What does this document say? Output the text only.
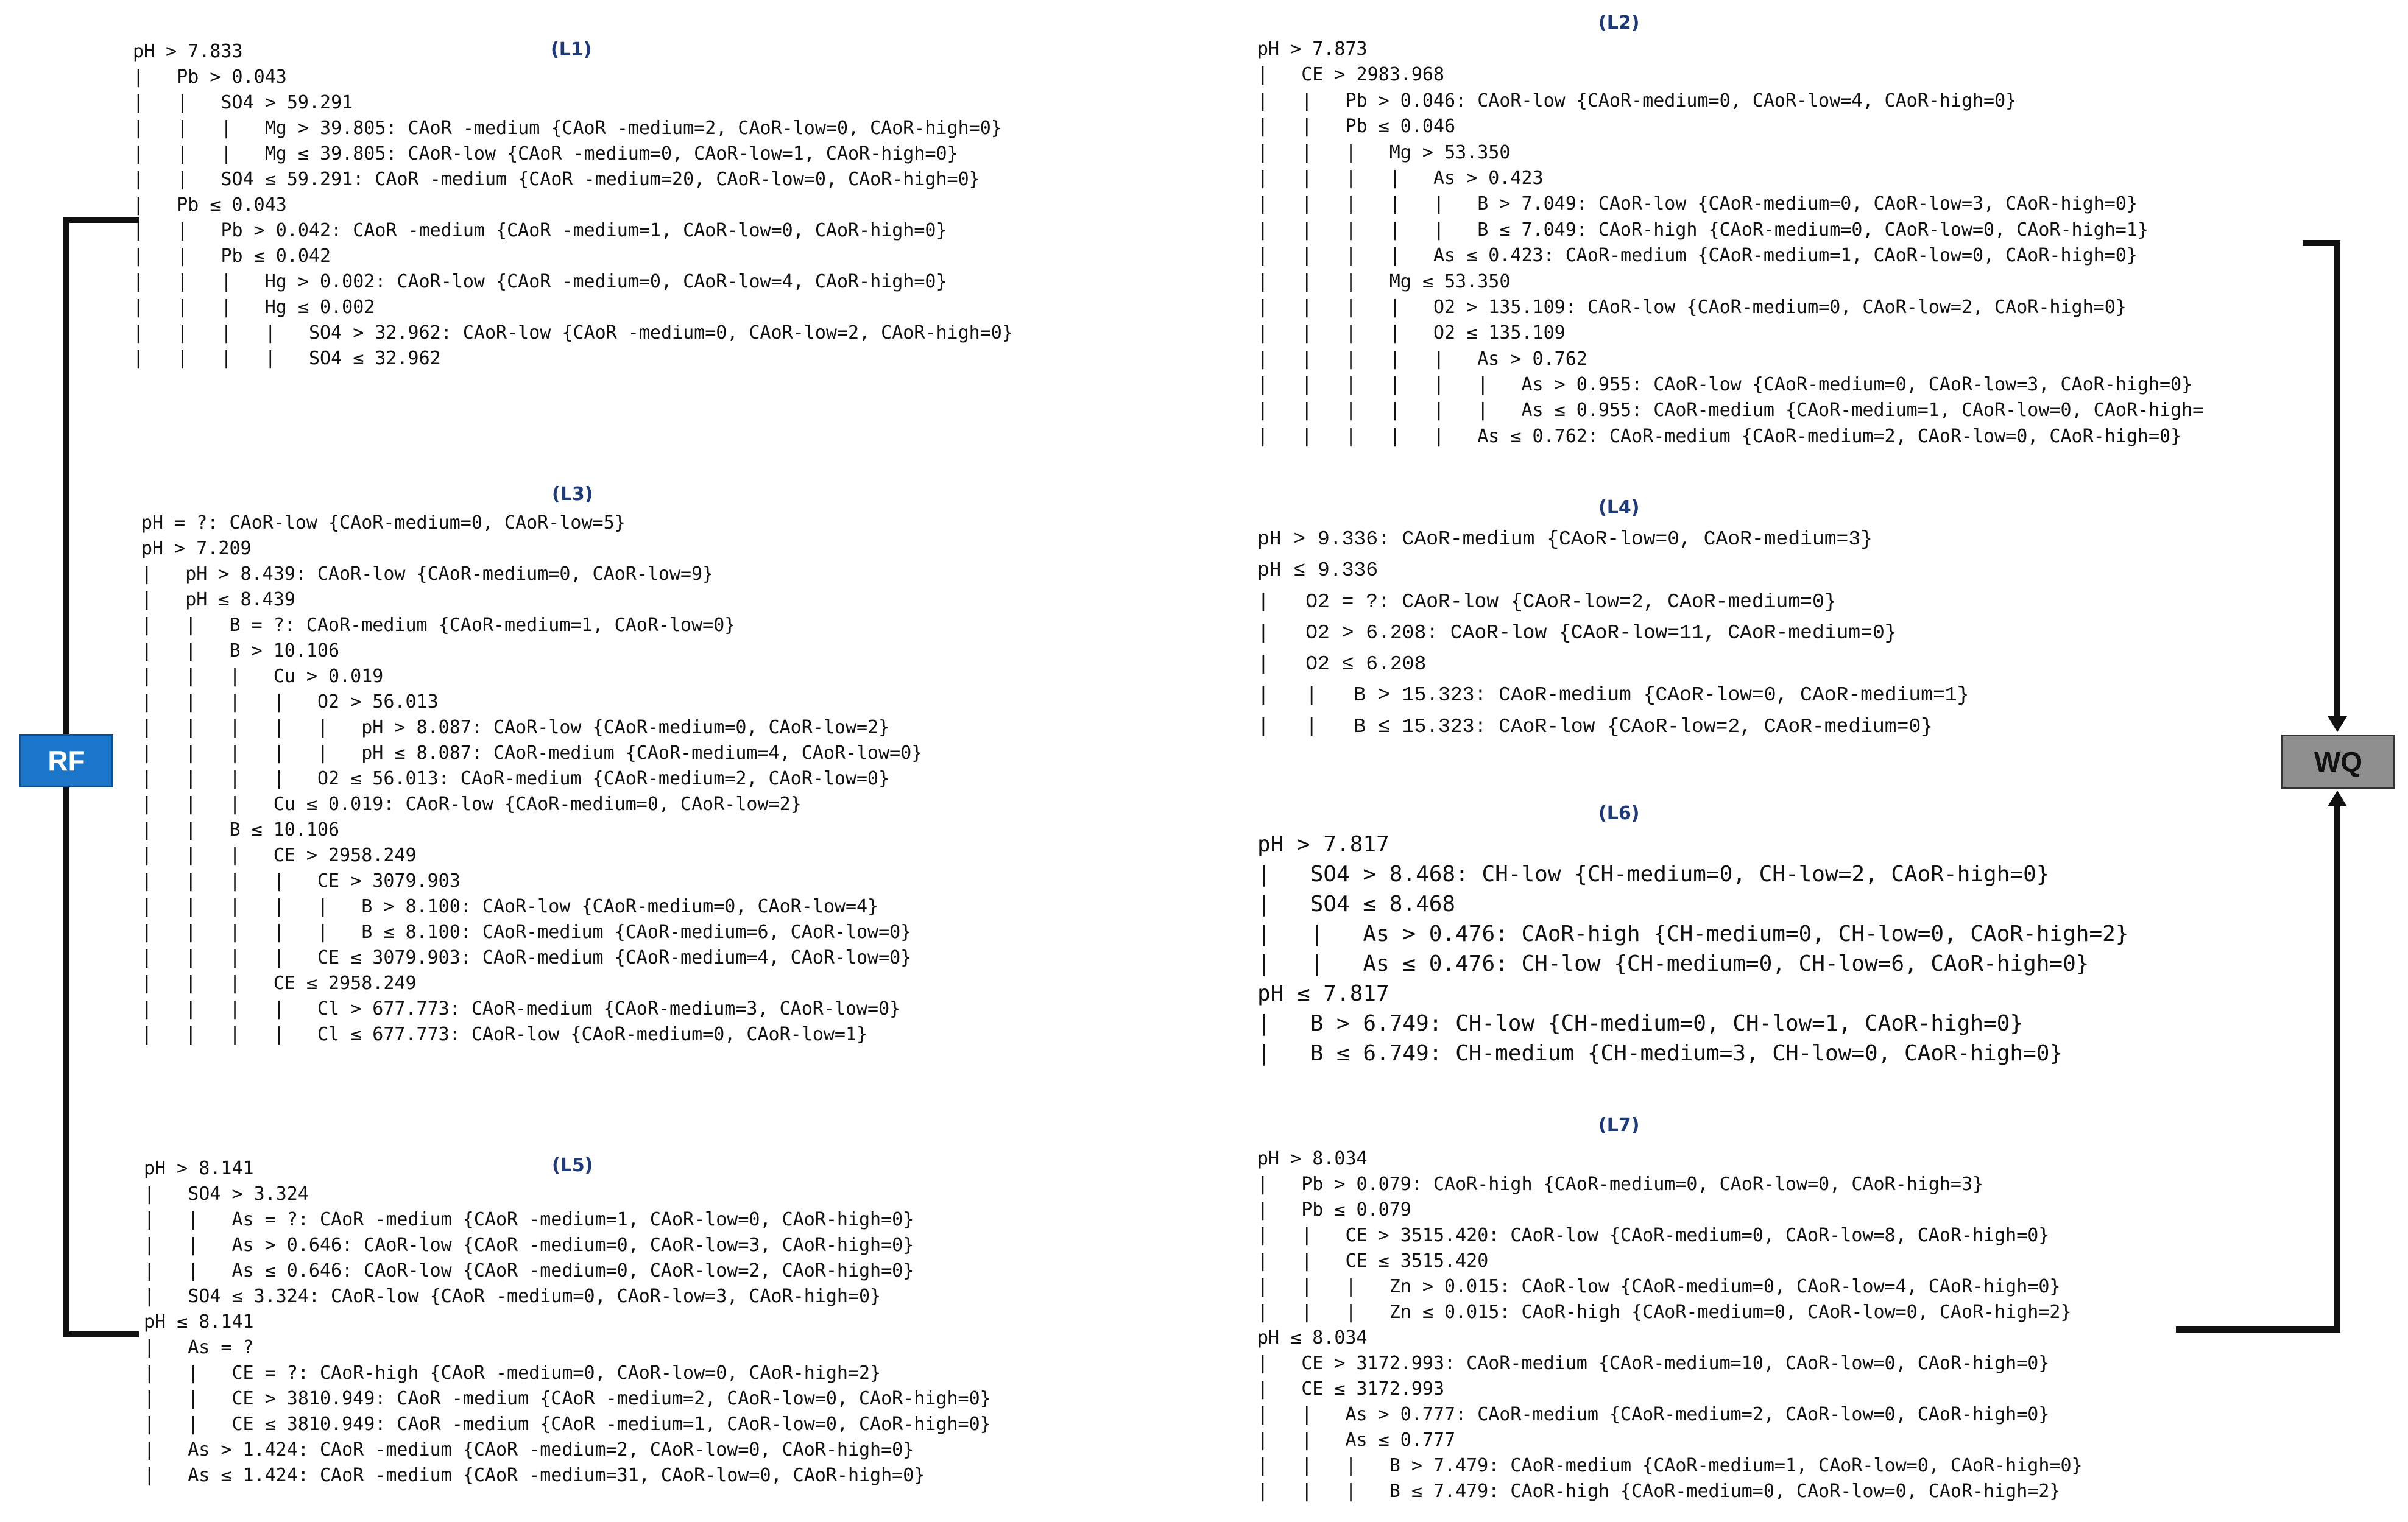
RF	WQ
(L1)
pH > 7.833
|   Pb > 0.043
|   |   SO4 > 59.291
|   |   |   Mg > 39.805: CAoR -medium {CAoR -medium=2, CAoR-low=0, CAoR-high=0}
|   |   |   Mg ≤ 39.805: CAoR-low {CAoR -medium=0, CAoR-low=1, CAoR-high=0}
|   |   SO4 ≤ 59.291: CAoR -medium {CAoR -medium=20, CAoR-low=0, CAoR-high=0}
|   Pb ≤ 0.043
|   |   Pb > 0.042: CAoR -medium {CAoR -medium=1, CAoR-low=0, CAoR-high=0}
|   |   Pb ≤ 0.042
|   |   |   Hg > 0.002: CAoR-low {CAoR -medium=0, CAoR-low=4, CAoR-high=0}
|   |   |   Hg ≤ 0.002
|   |   |   |   SO4 > 32.962: CAoR-low {CAoR -medium=0, CAoR-low=2, CAoR-high=0}
|   |   |   |   SO4 ≤ 32.962
(L2)
pH > 7.873
|   CE > 2983.968
|   |   Pb > 0.046: CAoR-low {CAoR-medium=0, CAoR-low=4, CAoR-high=0}
|   |   Pb ≤ 0.046
|   |   |   Mg > 53.350
|   |   |   |   As > 0.423
|   |   |   |   |   B > 7.049: CAoR-low {CAoR-medium=0, CAoR-low=3, CAoR-high=0}
|   |   |   |   |   B ≤ 7.049: CAoR-high {CAoR-medium=0, CAoR-low=0, CAoR-high=1}
|   |   |   |   As ≤ 0.423: CAoR-medium {CAoR-medium=1, CAoR-low=0, CAoR-high=0}
|   |   |   Mg ≤ 53.350
|   |   |   |   O2 > 135.109: CAoR-low {CAoR-medium=0, CAoR-low=2, CAoR-high=0}
|   |   |   |   O2 ≤ 135.109
|   |   |   |   |   As > 0.762
|   |   |   |   |   |   As > 0.955: CAoR-low {CAoR-medium=0, CAoR-low=3, CAoR-high=0}
|   |   |   |   |   |   As ≤ 0.955: CAoR-medium {CAoR-medium=1, CAoR-low=0, CAoR-high=
|   |   |   |   |   As ≤ 0.762: CAoR-medium {CAoR-medium=2, CAoR-low=0, CAoR-high=0}
(L3)
pH = ?: CAoR-low {CAoR-medium=0, CAoR-low=5}
pH > 7.209
|   pH > 8.439: CAoR-low {CAoR-medium=0, CAoR-low=9}
|   pH ≤ 8.439
|   |   B = ?: CAoR-medium {CAoR-medium=1, CAoR-low=0}
|   |   B > 10.106
|   |   |   Cu > 0.019
|   |   |   |   O2 > 56.013
|   |   |   |   |   pH > 8.087: CAoR-low {CAoR-medium=0, CAoR-low=2}
|   |   |   |   |   pH ≤ 8.087: CAoR-medium {CAoR-medium=4, CAoR-low=0}
|   |   |   |   O2 ≤ 56.013: CAoR-medium {CAoR-medium=2, CAoR-low=0}
|   |   |   Cu ≤ 0.019: CAoR-low {CAoR-medium=0, CAoR-low=2}
|   |   B ≤ 10.106
|   |   |   CE > 2958.249
|   |   |   |   CE > 3079.903
|   |   |   |   |   B > 8.100: CAoR-low {CAoR-medium=0, CAoR-low=4}
|   |   |   |   |   B ≤ 8.100: CAoR-medium {CAoR-medium=6, CAoR-low=0}
|   |   |   |   CE ≤ 3079.903: CAoR-medium {CAoR-medium=4, CAoR-low=0}
|   |   |   CE ≤ 2958.249
|   |   |   |   Cl > 677.773: CAoR-medium {CAoR-medium=3, CAoR-low=0}
|   |   |   |   Cl ≤ 677.773: CAoR-low {CAoR-medium=0, CAoR-low=1}
(L4)
pH > 9.336: CAoR-medium {CAoR-low=0, CAoR-medium=3}
pH ≤ 9.336
|   O2 = ?: CAoR-low {CAoR-low=2, CAoR-medium=0}
|   O2 > 6.208: CAoR-low {CAoR-low=11, CAoR-medium=0}
|   O2 ≤ 6.208
|   |   B > 15.323: CAoR-medium {CAoR-low=0, CAoR-medium=1}
|   |   B ≤ 15.323: CAoR-low {CAoR-low=2, CAoR-medium=0}
(L5)
pH > 8.141
|   SO4 > 3.324
|   |   As = ?: CAoR -medium {CAoR -medium=1, CAoR-low=0, CAoR-high=0}
|   |   As > 0.646: CAoR-low {CAoR -medium=0, CAoR-low=3, CAoR-high=0}
|   |   As ≤ 0.646: CAoR-low {CAoR -medium=0, CAoR-low=2, CAoR-high=0}
|   SO4 ≤ 3.324: CAoR-low {CAoR -medium=0, CAoR-low=3, CAoR-high=0}
pH ≤ 8.141
|   As = ?
|   |   CE = ?: CAoR-high {CAoR -medium=0, CAoR-low=0, CAoR-high=2}
|   |   CE > 3810.949: CAoR -medium {CAoR -medium=2, CAoR-low=0, CAoR-high=0}
|   |   CE ≤ 3810.949: CAoR -medium {CAoR -medium=1, CAoR-low=0, CAoR-high=0}
|   As > 1.424: CAoR -medium {CAoR -medium=2, CAoR-low=0, CAoR-high=0}
|   As ≤ 1.424: CAoR -medium {CAoR -medium=31, CAoR-low=0, CAoR-high=0}
(L6)
pH > 7.817
|   SO4 > 8.468: CH-low {CH-medium=0, CH-low=2, CAoR-high=0}
|   SO4 ≤ 8.468
|   |   As > 0.476: CAoR-high {CH-medium=0, CH-low=0, CAoR-high=2}
|   |   As ≤ 0.476: CH-low {CH-medium=0, CH-low=6, CAoR-high=0}
pH ≤ 7.817
|   B > 6.749: CH-low {CH-medium=0, CH-low=1, CAoR-high=0}
|   B ≤ 6.749: CH-medium {CH-medium=3, CH-low=0, CAoR-high=0}
(L7)
pH > 8.034
|   Pb > 0.079: CAoR-high {CAoR-medium=0, CAoR-low=0, CAoR-high=3}
|   Pb ≤ 0.079
|   |   CE > 3515.420: CAoR-low {CAoR-medium=0, CAoR-low=8, CAoR-high=0}
|   |   CE ≤ 3515.420
|   |   |   Zn > 0.015: CAoR-low {CAoR-medium=0, CAoR-low=4, CAoR-high=0}
|   |   |   Zn ≤ 0.015: CAoR-high {CAoR-medium=0, CAoR-low=0, CAoR-high=2}
pH ≤ 8.034
|   CE > 3172.993: CAoR-medium {CAoR-medium=10, CAoR-low=0, CAoR-high=0}
|   CE ≤ 3172.993
|   |   As > 0.777: CAoR-medium {CAoR-medium=2, CAoR-low=0, CAoR-high=0}
|   |   As ≤ 0.777
|   |   |   B > 7.479: CAoR-medium {CAoR-medium=1, CAoR-low=0, CAoR-high=0}
|   |   |   B ≤ 7.479: CAoR-high {CAoR-medium=0, CAoR-low=0, CAoR-high=2}
